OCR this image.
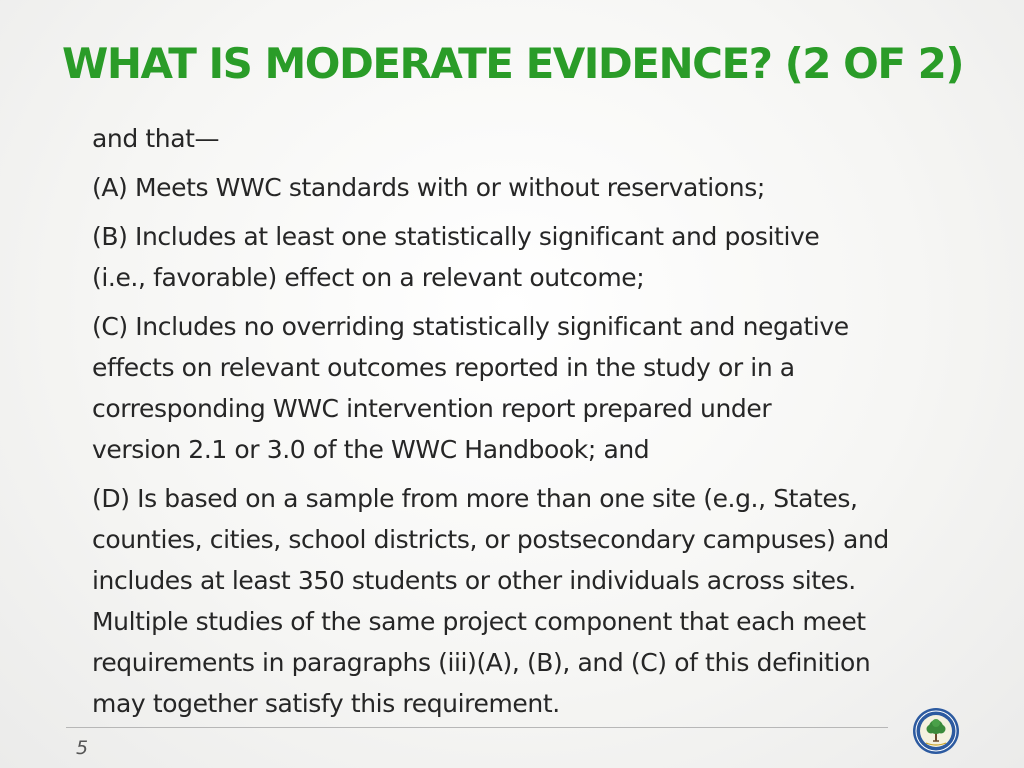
WHAT IS MODERATE EVIDENCE? (2 OF 2)

and that—

(A) Meets WWC standards with or without reservations;

(B) Includes at least one statistically significant and positive
(i.e., favorable) effect on a relevant outcome;

(C) Includes no overriding statistically significant and negative
effects on relevant outcomes reported in the study or in a
corresponding WWC intervention report prepared under
version 2.1 or 3.0 of the WWC Handbook; and

(D) Is based on a sample from more than one site (e.g., States,
counties, cities, school districts, or postsecondary campuses) and
includes at least 350 students or other individuals across sites.
Multiple studies of the same project component that each meet
requirements in paragraphs (iii)(A), (B), and (C) of this definition
may together satisfy this requirement.

5
